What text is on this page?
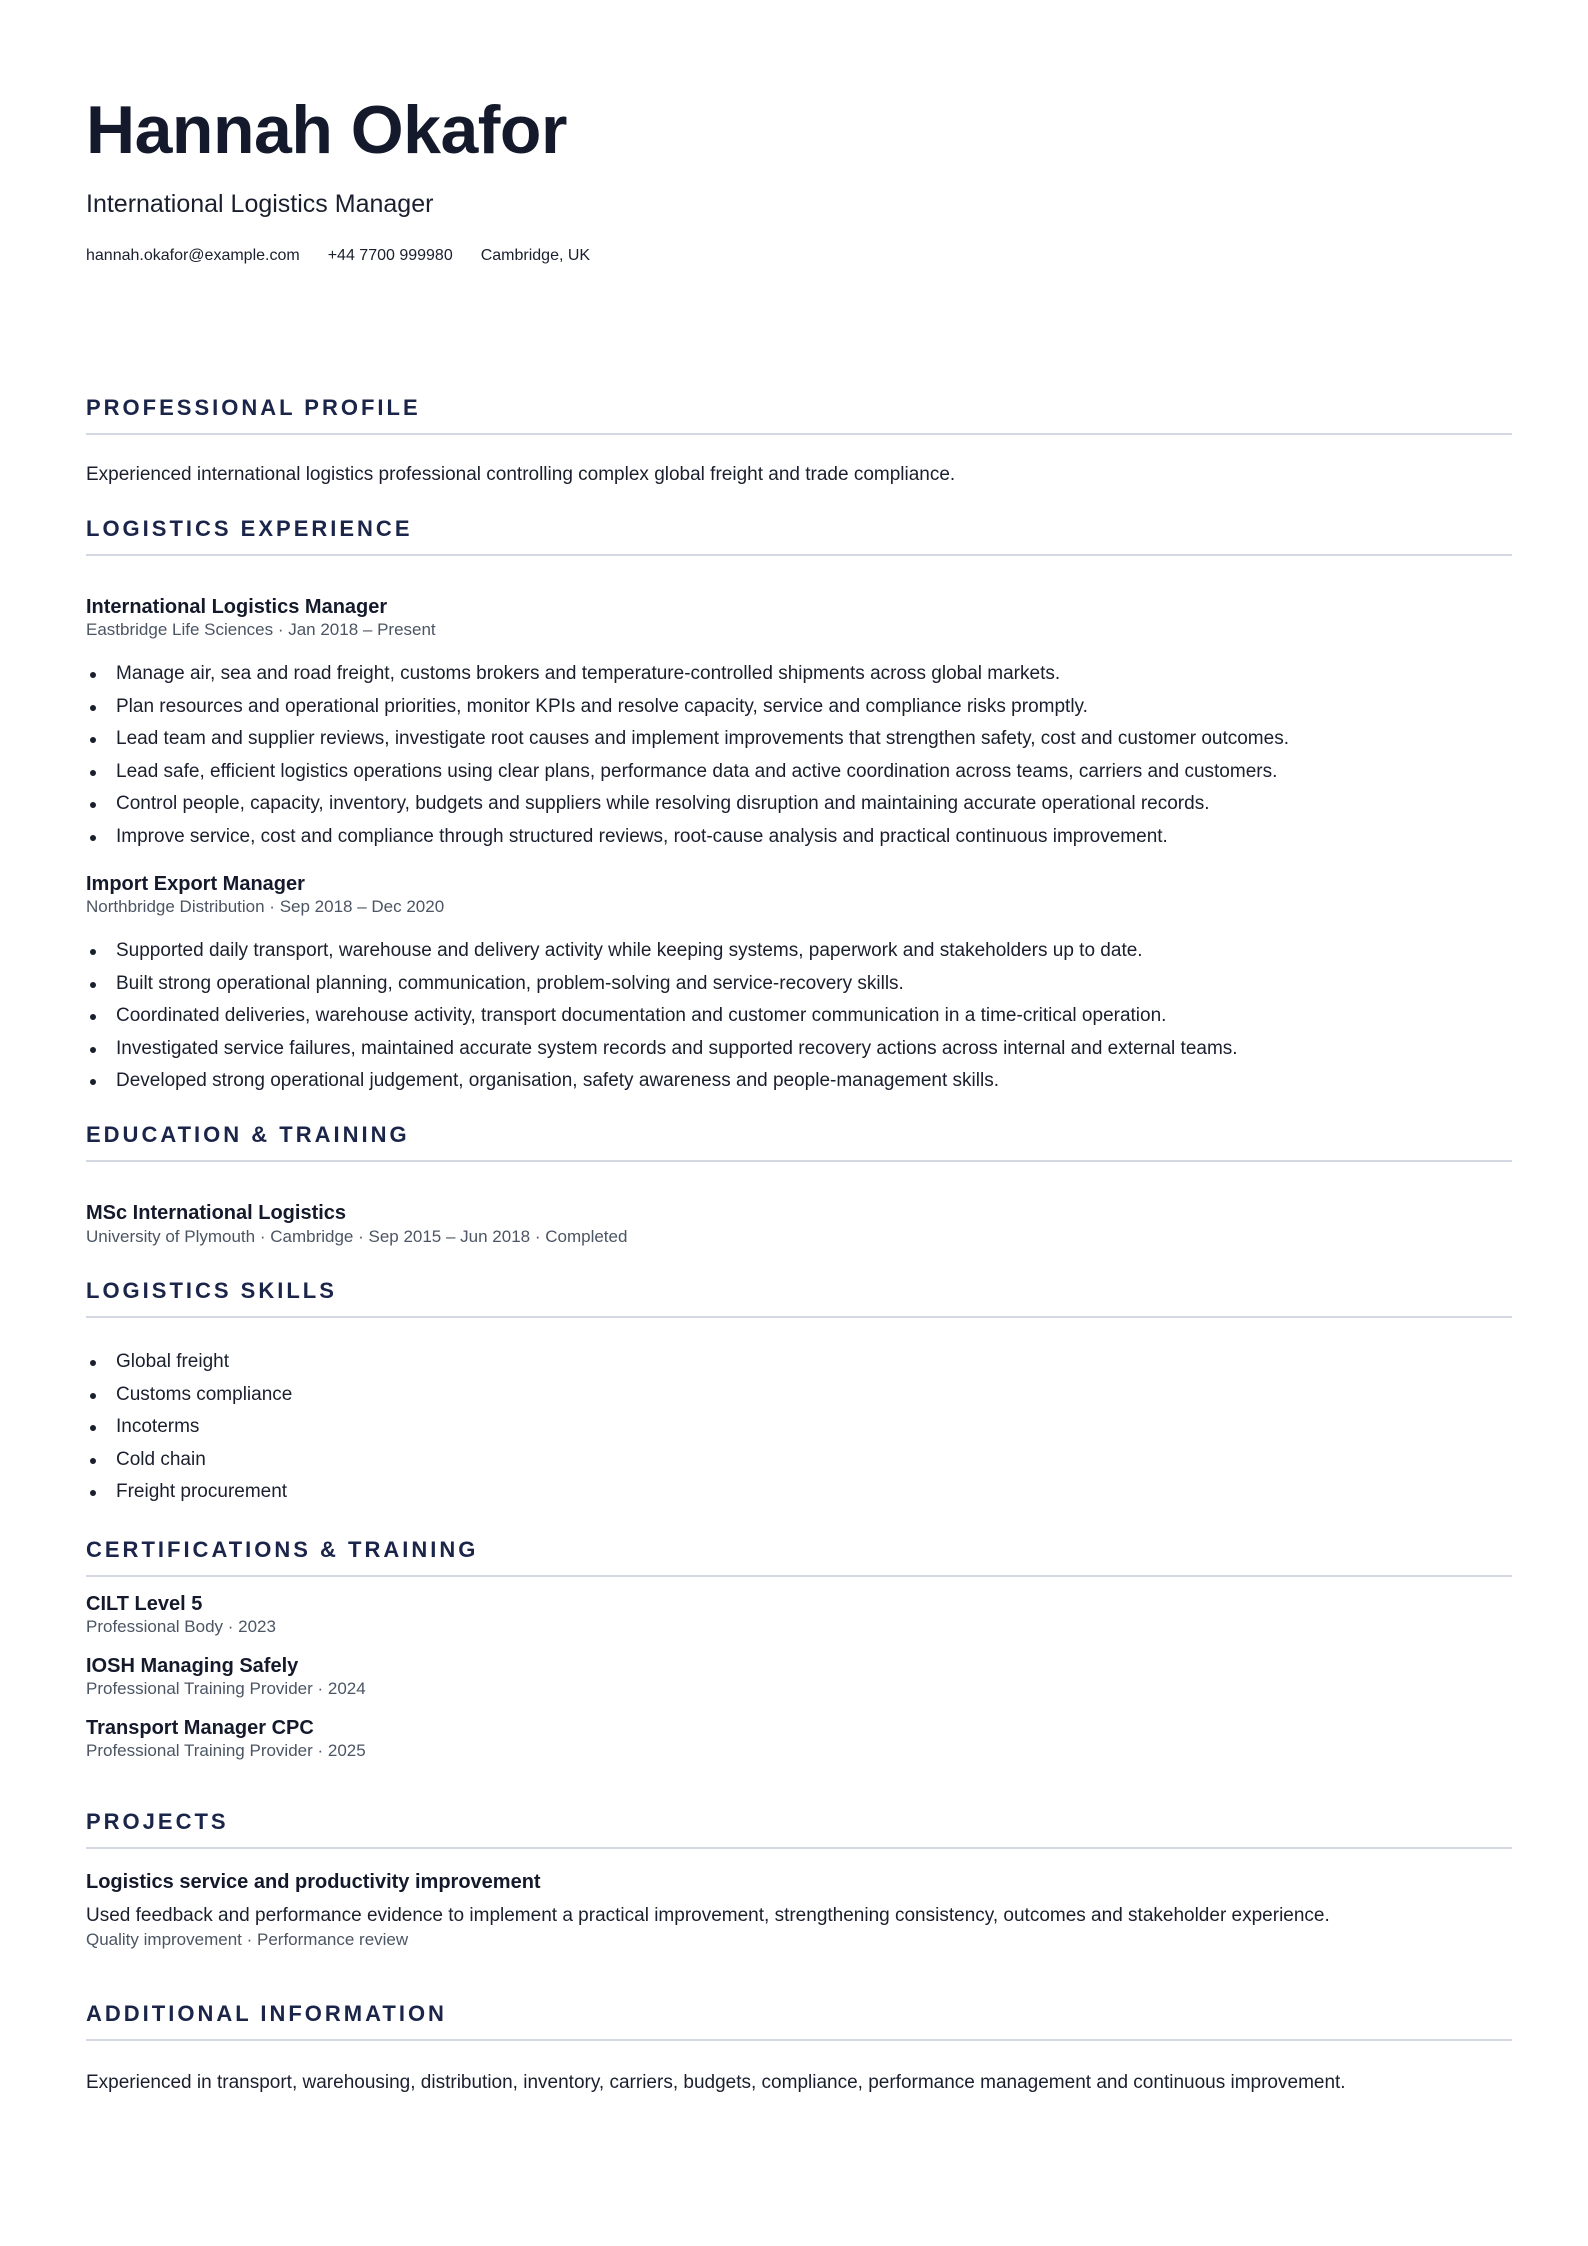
Hannah Okafor
International Logistics Manager
hannah.okafor@example.com +44 7700 999980 Cambridge, UK
PROFESSIONAL PROFILE
Experienced international logistics professional controlling complex global freight and trade compliance.
LOGISTICS EXPERIENCE
International Logistics Manager
Eastbridge Life Sciences · Jan 2018 – Present
Manage air, sea and road freight, customs brokers and temperature-controlled shipments across global markets.
Plan resources and operational priorities, monitor KPIs and resolve capacity, service and compliance risks promptly.
Lead team and supplier reviews, investigate root causes and implement improvements that strengthen safety, cost and customer outcomes.
Lead safe, efficient logistics operations using clear plans, performance data and active coordination across teams, carriers and customers.
Control people, capacity, inventory, budgets and suppliers while resolving disruption and maintaining accurate operational records.
Improve service, cost and compliance through structured reviews, root-cause analysis and practical continuous improvement.
Import Export Manager
Northbridge Distribution · Sep 2018 – Dec 2020
Supported daily transport, warehouse and delivery activity while keeping systems, paperwork and stakeholders up to date.
Built strong operational planning, communication, problem-solving and service-recovery skills.
Coordinated deliveries, warehouse activity, transport documentation and customer communication in a time-critical operation.
Investigated service failures, maintained accurate system records and supported recovery actions across internal and external teams.
Developed strong operational judgement, organisation, safety awareness and people-management skills.
EDUCATION & TRAINING
MSc International Logistics
University of Plymouth · Cambridge · Sep 2015 – Jun 2018 · Completed
LOGISTICS SKILLS
Global freight
Customs compliance
Incoterms
Cold chain
Freight procurement
CERTIFICATIONS & TRAINING
CILT Level 5
Professional Body · 2023
IOSH Managing Safely
Professional Training Provider · 2024
Transport Manager CPC
Professional Training Provider · 2025
PROJECTS
Logistics service and productivity improvement
Used feedback and performance evidence to implement a practical improvement, strengthening consistency, outcomes and stakeholder experience.
Quality improvement · Performance review
ADDITIONAL INFORMATION
Experienced in transport, warehousing, distribution, inventory, carriers, budgets, compliance, performance management and continuous improvement.
